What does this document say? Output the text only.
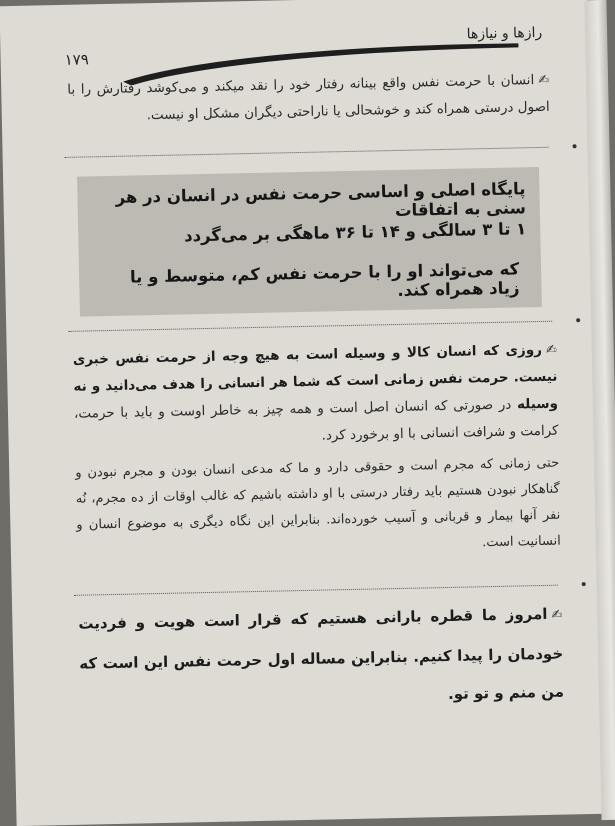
۱۷۹
رازها و نیازها
✍انسان با حرمت نفس واقع بینانه رفتار خود را نقد میکند و می‌کوشد رفتارش را با اصول درستی همراه کند و خوشحالی یا ناراحتی دیگران مشکل او نیست.
پایگاه اصلی و اساسی حرمت نفس در انسان در هر سنی به اتفاقات
۱ تا ۳ سالگی و ۱۴ تا ۳۶ ماهگی بر می‌گردد
که می‌تواند او را با حرمت نفس کم، متوسط و یا زیاد همراه کند.
✍روزی که انسان کالا و وسیله است به هیچ وجه از حرمت نفس خبری نیست. حرمت نفس زمانی است که شما هر انسانی را هدف می‌دانید و نه وسیله در صورتی که انسان اصل است و همه چیز به خاطر اوست و باید با حرمت، کرامت و شرافت انسانی با او برخورد کرد.
حتی زمانی که مجرم است و حقوقی دارد و ما که مدعی انسان بودن و مجرم نبودن و گناهکار نبودن هستیم باید رفتار درستی با او داشته باشیم که غالب اوقات از ده مجرم، نُه نفر آنها بیمار و قربانی و آسیب خورده‌اند. بنابراین این نگاه دیگری به موضوع انسان و انسانیت است.
✍امروز ما قطره بارانی هستیم که قرار است هویت و فردیت خودمان را پیدا کنیم. بنابراین مساله اول حرمت نفس این است که من منم و تو تو.
